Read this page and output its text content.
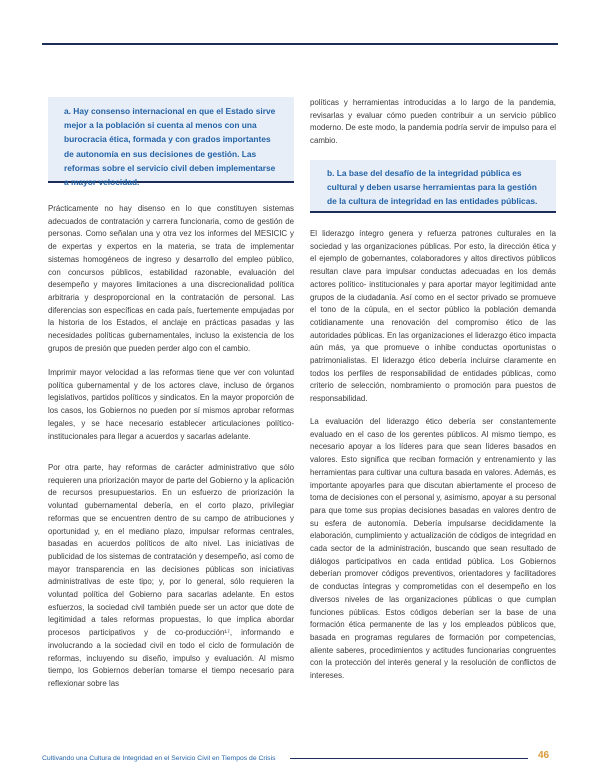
a. Hay consenso internacional en que el Estado sirve mejor a la población si cuenta al menos con una burocracia ética, formada y con grados importantes de autonomía en sus decisiones de gestión. Las reformas sobre el servicio civil deben implementarse a mayor velocidad.

Prácticamente no hay disenso en lo que constituyen sistemas adecuados de contratación y carrera funcionaria, como de gestión de personas. Como señalan una y otra vez los informes del MESICIC y de expertas y expertos en la materia, se trata de implementar sistemas homogéneos de ingreso y desarrollo del empleo público, con concursos públicos, estabilidad razonable, evaluación del desempeño y mayores limitaciones a una discrecionalidad política arbitraria y desproporcional en la contratación de personal. Las diferencias son específicas en cada país, fuertemente empujadas por la historia de los Estados, el anclaje en prácticas pasadas y las necesidades políticas gubernamentales, incluso la existencia de los grupos de presión que pueden perder algo con el cambio.

Imprimir mayor velocidad a las reformas tiene que ver con voluntad política gubernamental y de los actores clave, incluso de órganos legislativos, partidos políticos y sindicatos. En la mayor proporción de los casos, los Gobiernos no pueden por sí mismos aprobar reformas legales, y se hace necesario establecer articulaciones político-institucionales para llegar a acuerdos y sacarlas adelante.

Por otra parte, hay reformas de carácter administrativo que sólo requieren una priorización mayor de parte del Gobierno y la aplicación de recursos presupuestarios. En un esfuerzo de priorización la voluntad gubernamental debería, en el corto plazo, privilegiar reformas que se encuentren dentro de su campo de atribuciones y oportunidad y, en el mediano plazo, impulsar reformas centrales, basadas en acuerdos políticos de alto nivel. Las iniciativas de publicidad de los sistemas de contratación y desempeño, así como de mayor transparencia en las decisiones públicas son iniciativas administrativas de este tipo; y, por lo general, sólo requieren la voluntad política del Gobierno para sacarlas adelante. En estos esfuerzos, la sociedad civil también puede ser un actor que dote de legitimidad a tales reformas propuestas, lo que implica abordar procesos participativos y de co-producción¹⁷, informando e involucrando a la sociedad civil en todo el ciclo de formulación de reformas, incluyendo su diseño, impulso y evaluación. Al mismo tiempo, los Gobiernos deberían tomarse el tiempo necesario para reflexionar sobre las

políticas y herramientas introducidas a lo largo de la pandemia, revisarlas y evaluar cómo pueden contribuir a un servicio público moderno. De este modo, la pandemia podría servir de impulso para el cambio.

b. La base del desafío de la integridad pública es cultural y deben usarse herramientas para la gestión de la cultura de integridad en las entidades públicas.

El liderazgo íntegro genera y refuerza patrones culturales en la sociedad y las organizaciones públicas. Por esto, la dirección ética y el ejemplo de gobernantes, colaboradores y altos directivos públicos resultan clave para impulsar conductas adecuadas en los demás actores político- institucionales y para aportar mayor legitimidad ante grupos de la ciudadanía. Así como en el sector privado se promueve el tono de la cúpula, en el sector público la población demanda cotidianamente una renovación del compromiso ético de las autoridades públicas. En las organizaciones el liderazgo ético impacta aún más, ya que promueve o inhibe conductas oportunistas o patrimonialistas. El liderazgo ético debería incluirse claramente en todos los perfiles de responsabilidad de entidades públicas, como criterio de selección, nombramiento o promoción para puestos de responsabilidad.

La evaluación del liderazgo ético debería ser constantemente evaluado en el caso de los gerentes públicos. Al mismo tiempo, es necesario apoyar a los líderes para que sean líderes basados en valores. Esto significa que reciban formación y entrenamiento y las herramientas para cultivar una cultura basada en valores. Además, es importante apoyarles para que discutan abiertamente el proceso de toma de decisiones con el personal y, asimismo, apoyar a su personal para que tome sus propias decisiones basadas en valores dentro de su esfera de autonomía. Debería impulsarse decididamente la elaboración, cumplimiento y actualización de códigos de integridad en cada sector de la administración, buscando que sean resultado de diálogos participativos en cada entidad pública. Los Gobiernos deberían promover códigos preventivos, orientadores y facilitadores de conductas íntegras y comprometidas con el desempeño en los diversos niveles de las organizaciones públicas o que cumplan funciones públicas. Estos códigos deberían ser la base de una formación ética permanente de las y los empleados públicos que, basada en programas regulares de formación por competencias, aliente saberes, procedimientos y actitudes funcionarias congruentes con la protección del interés general y la resolución de conflictos de intereses.

Cultivando una Cultura de Integridad en el Servicio Civil en Tiempos de Crisis	46
